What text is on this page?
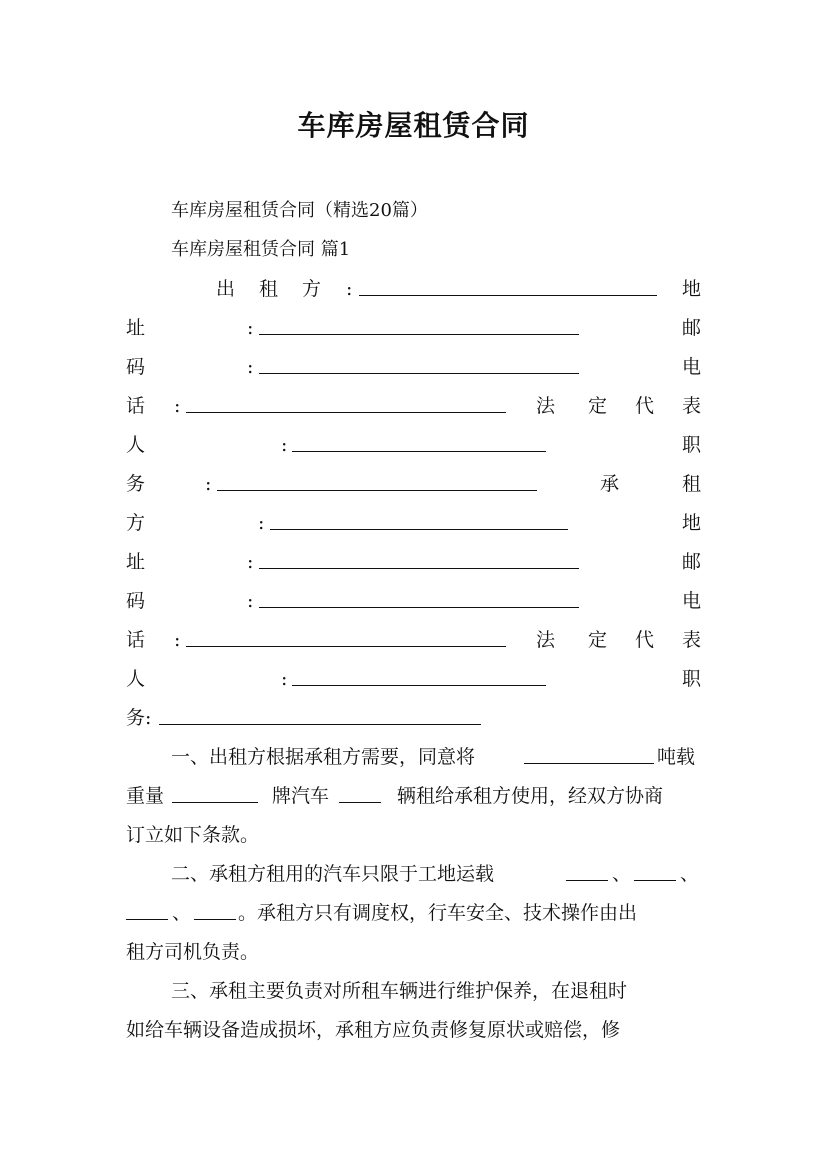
车库房屋租赁合同
车库房屋租赁合同（精选20篇）
车库房屋租赁合同 篇1
出 租 方 :	地
址	:	邮
码	:	电
话 :	法 定 代 表
人	:	职
务	:	承	租
方	:	地
址	:	邮
码	:	电
话 :	法 定 代 表
人	:	职
务:
一、出租方根据承租方需要，同意将	吨载
重量	牌汽车	辆租给承租方使用，经双方协商
订立如下条款。
二、承租方租用的汽车只限于工地运载	、	、
、 。承租方只有调度权，行车安全、技术操作由出
租方司机负责。
三、承租主要负责对所租车辆进行维护保养，在退租时
如给车辆设备造成损坏，承租方应负责修复原状或赔偿，修
